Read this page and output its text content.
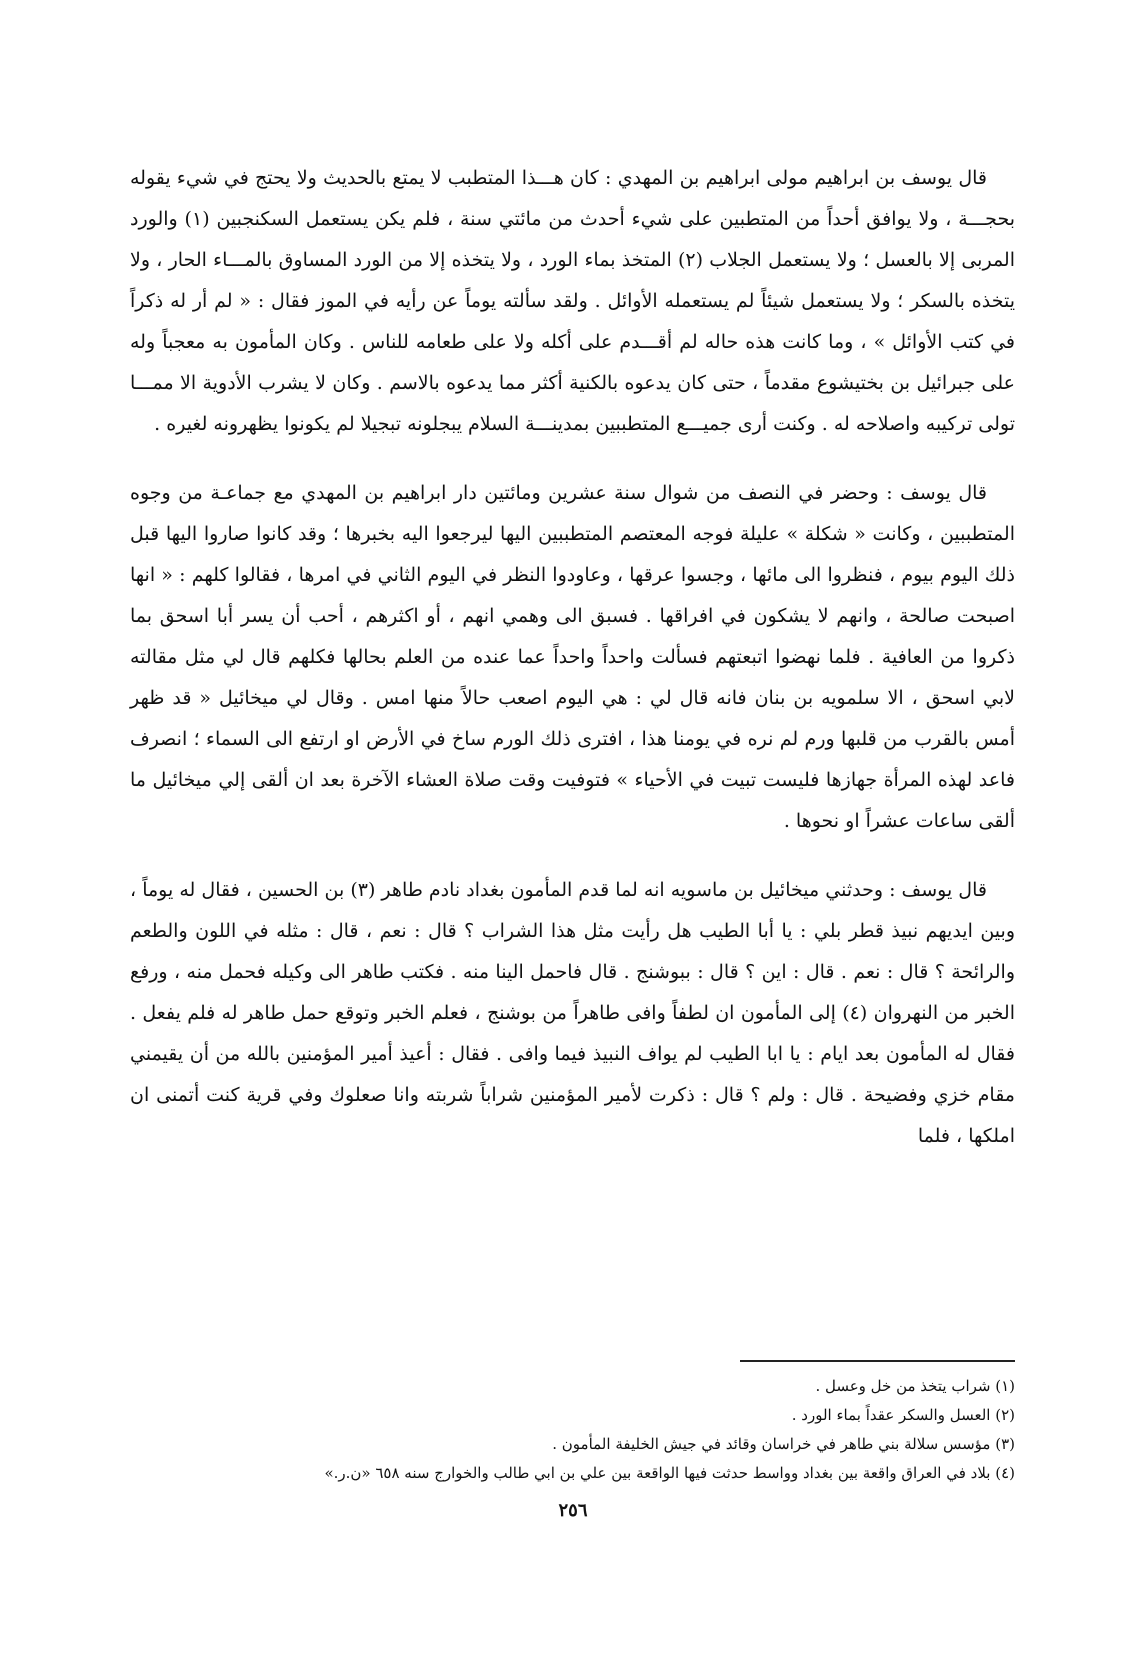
قال يوسف بن ابراهيم مولى ابراهيم بن المهدي : كان هـــذا المتطبب لا يمتع بالحديث ولا يحتج في شيء يقوله بحجـــة ، ولا يوافق أحداً من المتطبين على شيء أحدث من مائتي سنة ، فلم يكن يستعمل السكنجبين (١) والورد المربى إلا بالعسل ؛ ولا يستعمل الجلاب (٢) المتخذ بماء الورد ، ولا يتخذه إلا من الورد المساوق بالمـــاء الحار ، ولا يتخذه بالسكر ؛ ولا يستعمل شيئاً لم يستعمله الأوائل . ولقد سألته يوماً عن رأيه في الموز فقال : « لم أر له ذكراً في كتب الأوائل » ، وما كانت هذه حاله لم أقـــدم على أكله ولا على طعامه للناس . وكان المأمون به معجباً وله على جبرائيل بن بختيشوع مقدماً ، حتى كان يدعوه بالكنية أكثر مما يدعوه بالاسم . وكان لا يشرب الأدوية الا ممـــا تولى تركيبه واصلاحه له . وكنت أرى جميـــع المتطببين بمدينـــة السلام يبجلونه تبجيلا لم يكونوا يظهرونه لغيره .

قال يوسف : وحضر في النصف من شوال سنة عشرين ومائتين دار ابراهيم بن المهدي مع جماعـة من وجوه المتطببين ، وكانت « شكلة » عليلة فوجه المعتصم المتطببين اليها ليرجعوا اليه بخبرها ؛ وقد كانوا صاروا اليها قبل ذلك اليوم بيوم ، فنظروا الى مائها ، وجسوا عرقها ، وعاودوا النظر في اليوم الثاني في امرها ، فقالوا كلهم : « انها اصبحت صالحة ، وانهم لا يشكون في افراقها . فسبق الى وهمي انهم ، أو اكثرهم ، أحب أن يسر أبا اسحق بما ذكروا من العافية . فلما نهضوا اتبعتهم فسألت واحداً واحداً عما عنده من العلم بحالها فكلهم قال لي مثل مقالته لابي اسحق ، الا سلمويه بن بنان فانه قال لي : هي اليوم اصعب حالاً منها امس . وقال لي ميخائيل « قد ظهر أمس بالقرب من قلبها ورم لم نره في يومنا هذا ، افترى ذلك الورم ساخ في الأرض او ارتفع الى السماء ؛ انصرف فاعد لهذه المرأة جهازها فليست تبيت في الأحياء » فتوفيت وقت صلاة العشاء الآخرة بعد ان ألقى إلي ميخائيل ما ألقى ساعات عشراً او نحوها .

قال يوسف : وحدثني ميخائيل بن ماسويه انه لما قدم المأمون بغداد نادم طاهر (٣) بن الحسين ، فقال له يوماً ، وبين ايديهم نبيذ قطر بلي : يا أبا الطيب هل رأيت مثل هذا الشراب ؟ قال : نعم ، قال : مثله في اللون والطعم والرائحة ؟ قال : نعم . قال : اين ؟ قال : ببوشنج . قال فاحمل الينا منه . فكتب طاهر الى وكيله فحمل منه ، ورفع الخبر من النهروان (٤) إلى المأمون ان لطفاً وافى طاهراً من بوشنج ، فعلم الخبر وتوقع حمل طاهر له فلم يفعل . فقال له المأمون بعد ايام : يا ابا الطيب لم يواف النبيذ فيما وافى . فقال : أعيذ أمير المؤمنين بالله من أن يقيمني مقام خزي وفضيحة . قال : ولم ؟ قال : ذكرت لأمير المؤمنين شراباً شربته وانا صعلوك وفي قرية كنت أتمنى ان املكها ، فلما

(١) شراب يتخذ من خل وعسل .

(٢) العسل والسكر عقداً بماء الورد .

(٣) مؤسس سلالة بني طاهر في خراسان وقائد في جيش الخليفة المأمون .

(٤) بلاد في العراق واقعة بين بغداد وواسط حدثت فيها الواقعة بين علي بن ابي طالب والخوارج سنه ٦٥٨ «ن.ر.»

٢٥٦
